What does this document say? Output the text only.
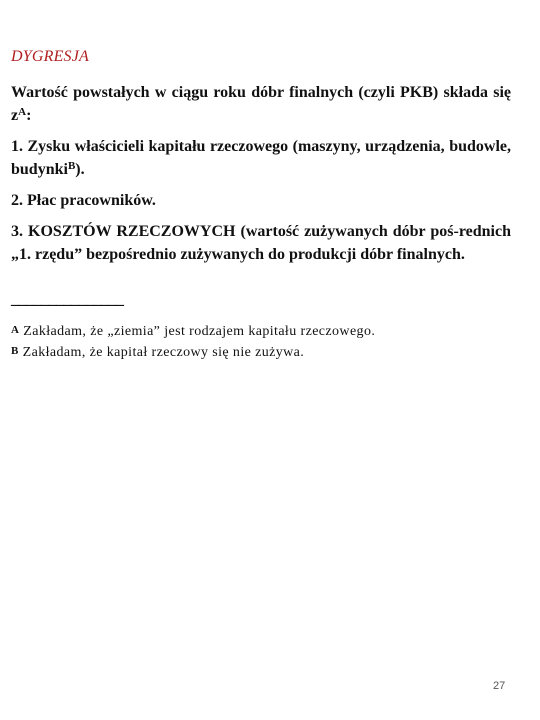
DYGRESJA
Wartość powstałych w ciągu roku dóbr finalnych (czyli PKB) składa się $z^A$:
1. Zysku właścicieli kapitału rzeczowego (maszyny, urządzenia, budowle, budynki$^B$).
2. Płac pracowników.
3. KOSZTÓW RZECZOWYCH (wartość zużywanych dóbr poś-rednich „1. rzędu” bezpośrednio zużywanych do produkcji dóbr finalnych.
_______________
A Zakładam, że „ziemia” jest rodzajem kapitału rzeczowego.
B Zakładam, że kapitał rzeczowy się nie zużywa.
27
